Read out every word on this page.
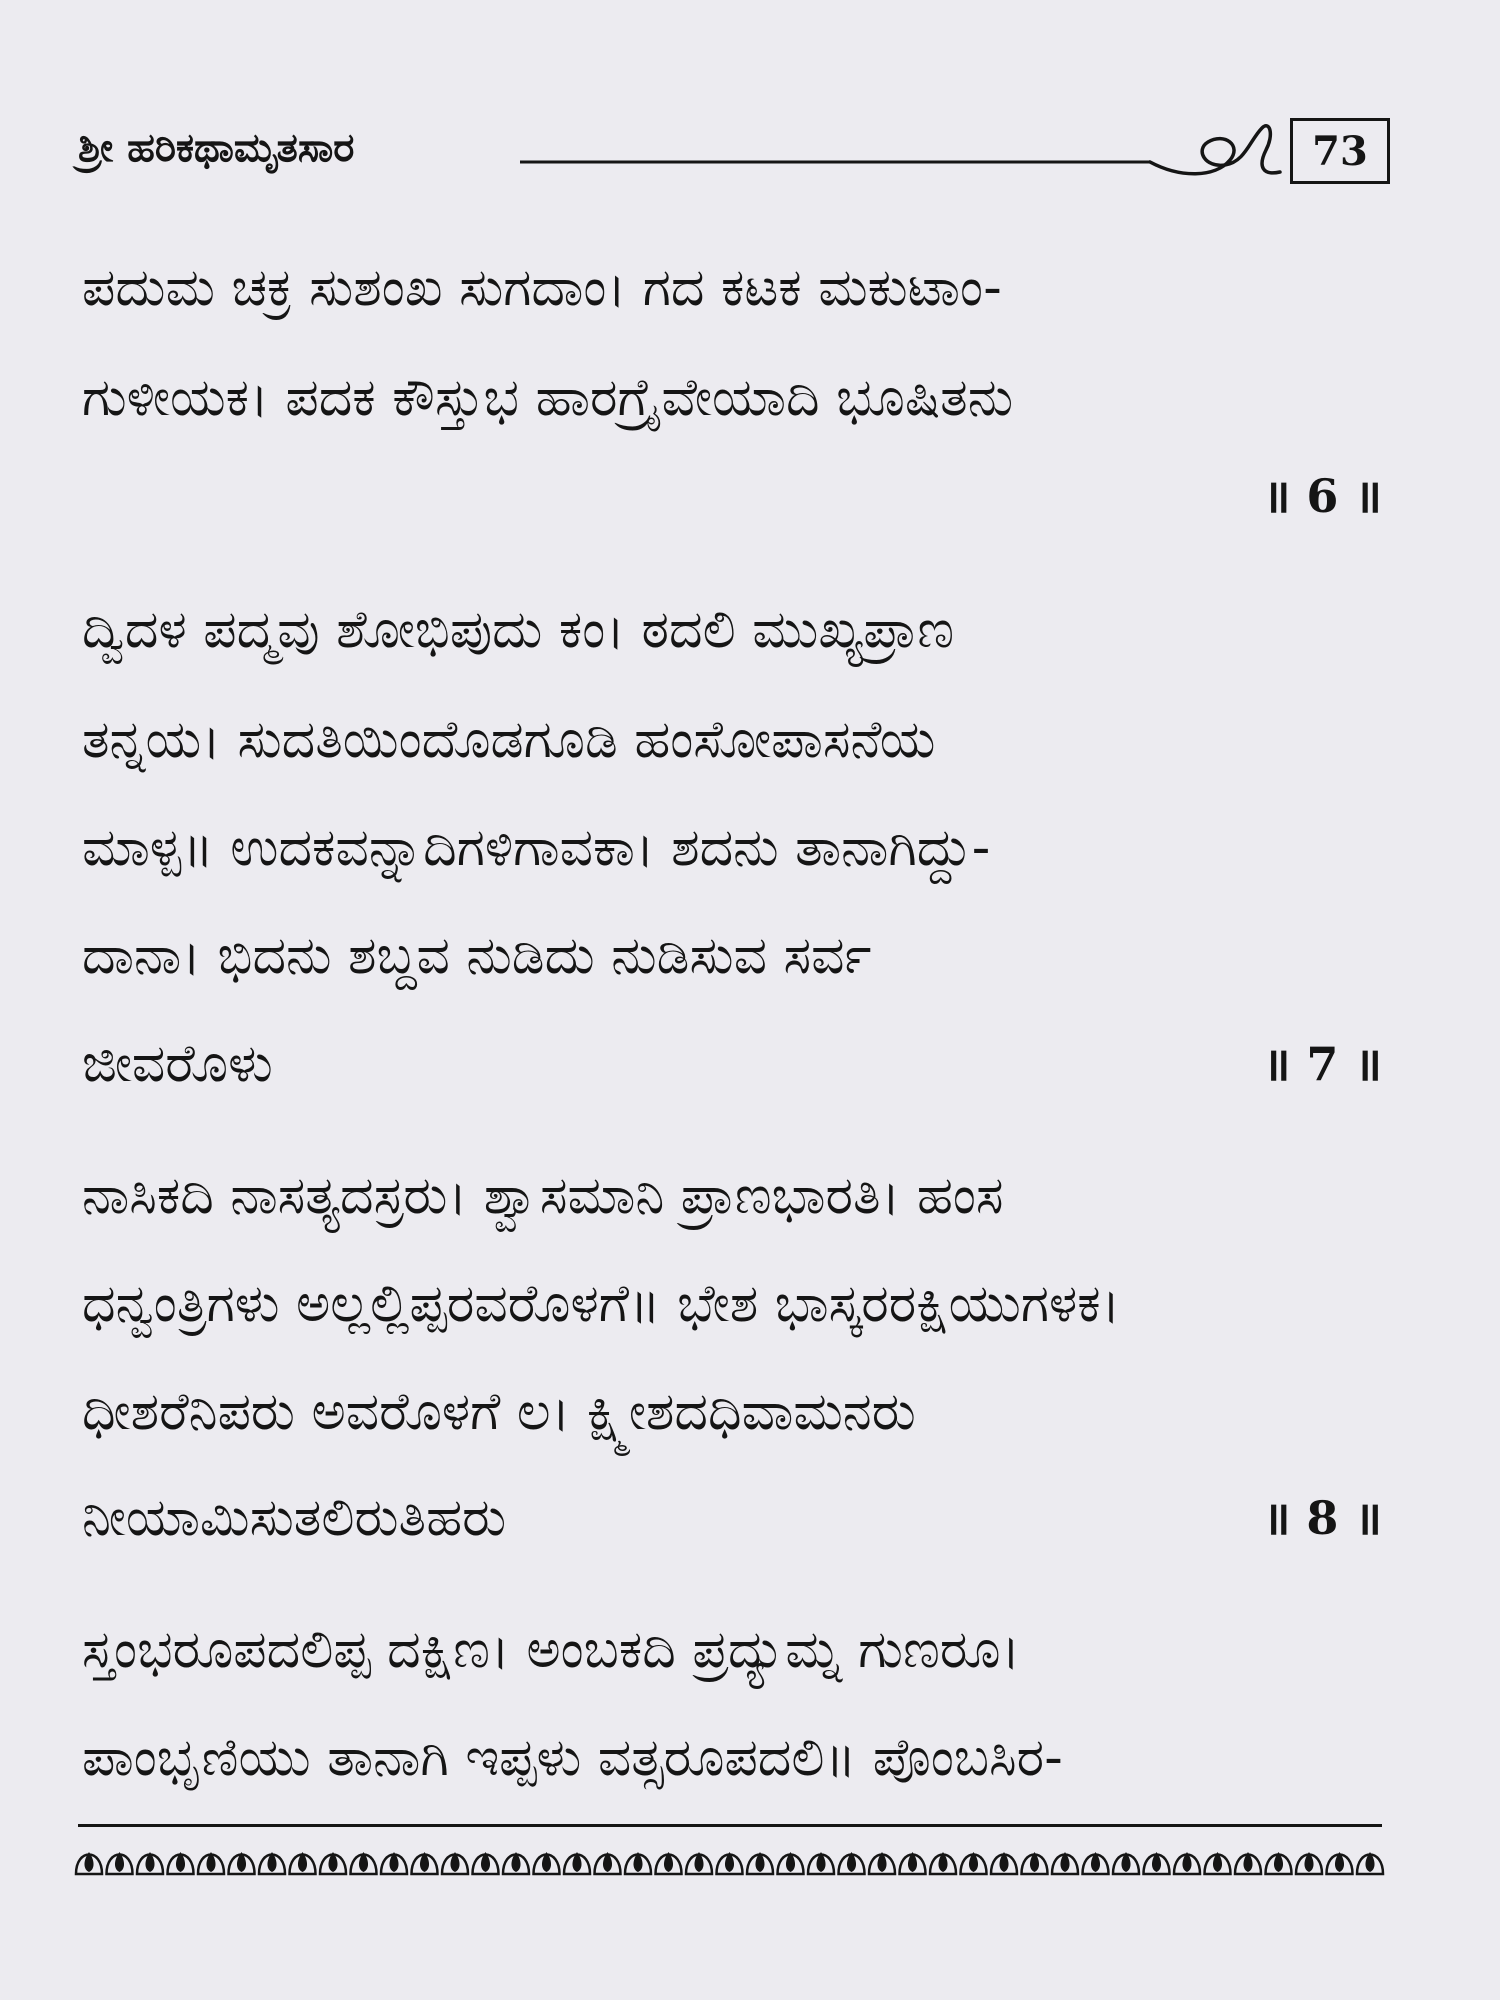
ಶ್ರೀ ಹರಿಕಥಾಮೃತಸಾರ	73
ಪದುಮ ಚಕ್ರ ಸುಶಂಖ ಸುಗದಾಂ। ಗದ ಕಟಕ ಮಕುಟಾಂ-
ಗುಳೀಯಕ। ಪದಕ ಕೌಸ್ತುಭ ಹಾರಗ್ರೈವೇಯಾದಿ ಭೂಷಿತನು
॥ 6 ॥
ದ್ವಿದಳ ಪದ್ಮವು ಶೋಭಿಪುದು ಕಂ। ಠದಲಿ ಮುಖ್ಯಪ್ರಾಣ
ತನ್ನಯ। ಸುದತಿಯಿಂದೊಡಗೂಡಿ ಹಂಸೋಪಾಸನೆಯ
ಮಾಳ್ಪ॥ ಉದಕವನ್ನಾದಿಗಳಿಗಾವಕಾ। ಶದನು ತಾನಾಗಿದ್ದು-
ದಾನಾ। ಭಿದನು ಶಬ್ದವ ನುಡಿದು ನುಡಿಸುವ ಸರ್ವ
ಜೀವರೊಳು	॥ 7 ॥
ನಾಸಿಕದಿ ನಾಸತ್ಯದಸ್ರರು। ಶ್ವಾಸಮಾನಿ ಪ್ರಾಣಭಾರತಿ। ಹಂಸ
ಧನ್ವಂತ್ರಿಗಳು ಅಲ್ಲಲ್ಲಿಪ್ಪರವರೊಳಗೆ॥ ಭೇಶ ಭಾಸ್ಕರರಕ್ಷಿಯುಗಳಕ।
ಧೀಶರೆನಿಪರು ಅವರೊಳಗೆ ಲ। ಕ್ಷ್ಮೀಶದಧಿವಾಮನರು
ನೀಯಾಮಿಸುತಲಿರುತಿಹರು	॥ 8 ॥
ಸ್ತಂಭರೂಪದಲಿಪ್ಪ ದಕ್ಷಿಣ। ಅಂಬಕದಿ ಪ್ರದ್ಯುಮ್ನ ಗುಣರೂ।
ಪಾಂಭೃಣಿಯು ತಾನಾಗಿ ಇಪ್ಪಳು ವತ್ಸರೂಪದಲಿ॥ ಪೊಂಬಸಿರ-
